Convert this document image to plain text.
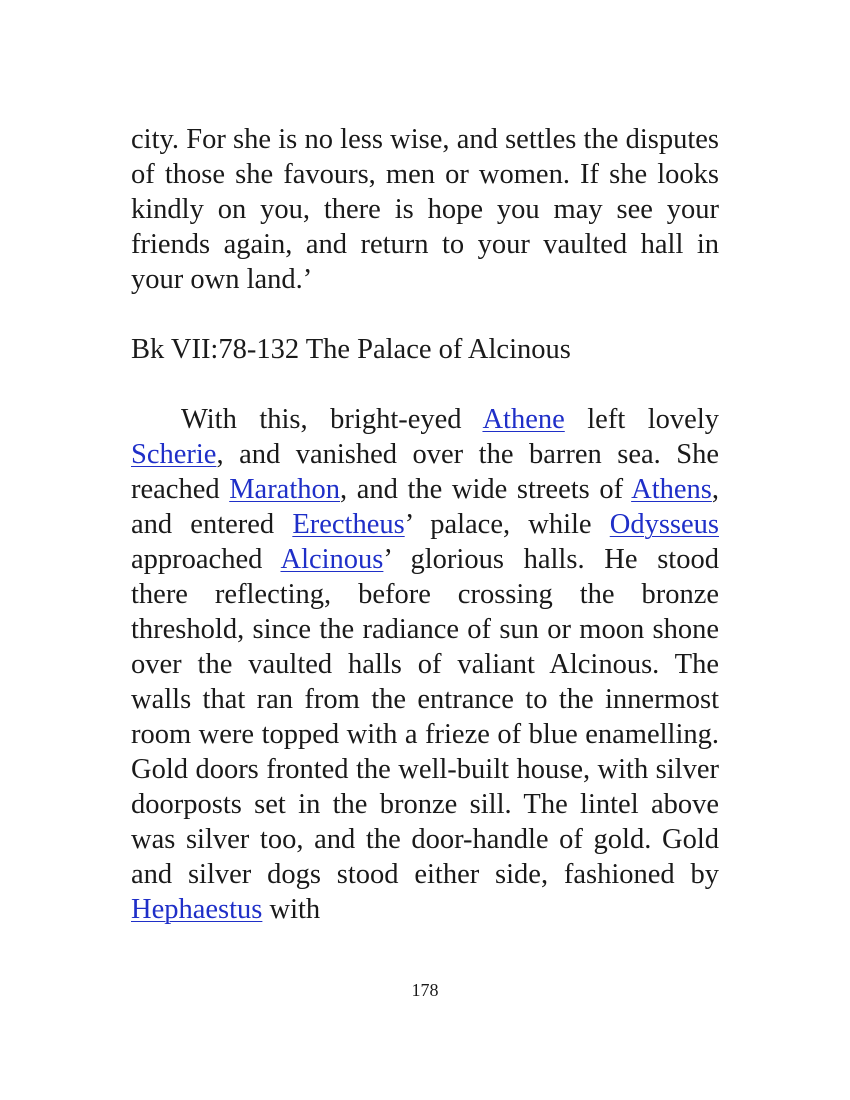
city. For she is no less wise, and settles the disputes of those she favours, men or women. If she looks kindly on you, there is hope you may see your friends again, and return to your vaulted hall in your own land.’

Bk VII:78-132 The Palace of Alcinous

With this, bright-eyed Athene left lovely Scherie, and vanished over the barren sea. She reached Marathon, and the wide streets of Athens, and entered Erectheus’ palace, while Odysseus approached Alcinous’ glorious halls. He stood there reflecting, before crossing the bronze threshold, since the radiance of sun or moon shone over the vaulted halls of valiant Alcinous. The walls that ran from the entrance to the innermost room were topped with a frieze of blue enamelling. Gold doors fronted the well-built house, with silver doorposts set in the bronze sill. The lintel above was silver too, and the door-handle of gold. Gold and silver dogs stood either side, fashioned by Hephaestus with

178
